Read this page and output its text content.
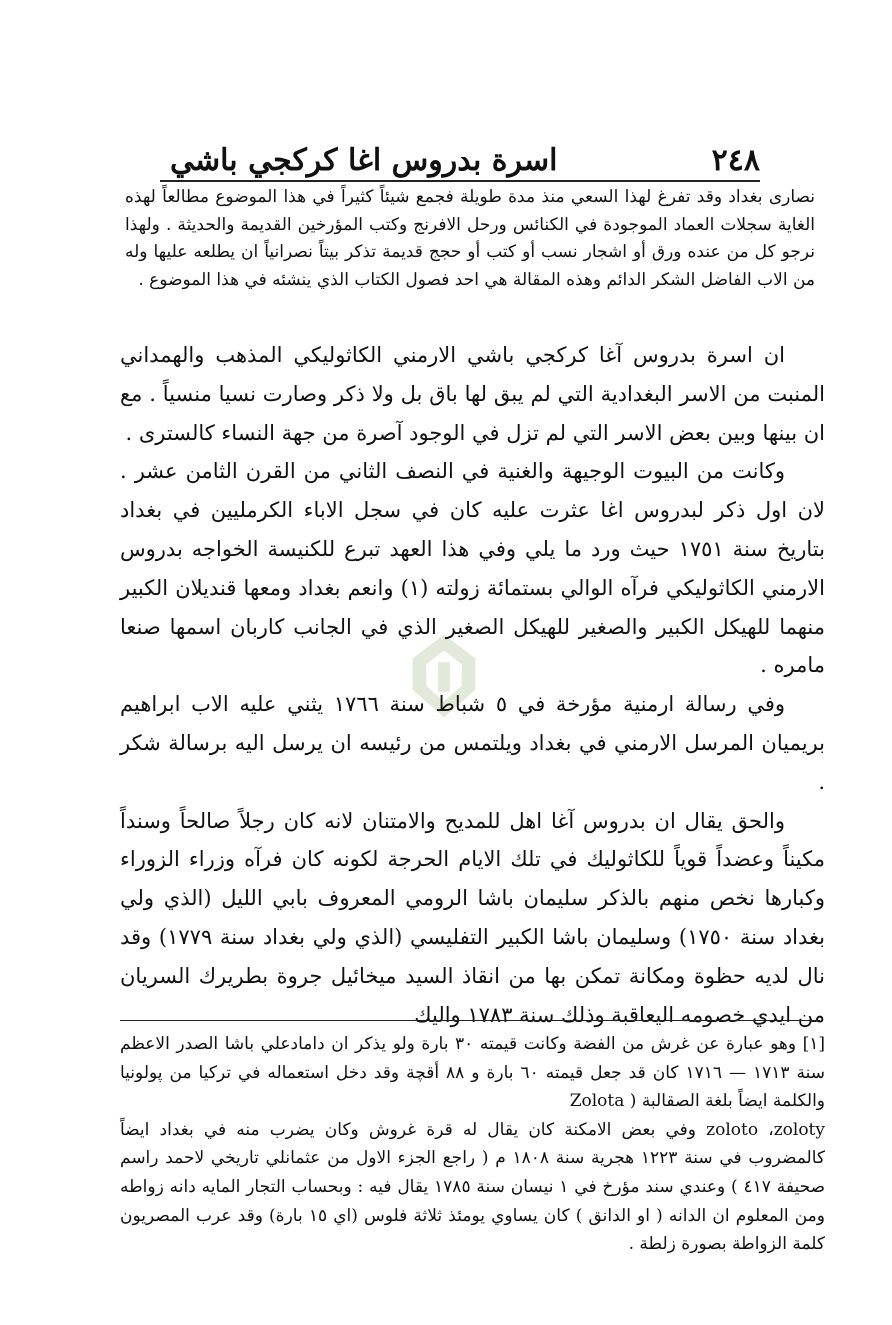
٢٤٨
اسرة بدروس اغا كركجي باشي
نصارى بغداد وقد تفرغ لهذا السعي منذ مدة طويلة فجمع شيئاً كثيراً في هذا الموضوع مطالعاً لهذه الغاية سجلات العماد الموجودة في الكنائس ورحل الافرنج وكتب المؤرخين القديمة والحديثة . ولهذا نرجو كل من عنده ورق أو اشجار نسب أو كتب أو حجج قديمة تذكر بيتاً نصرانياً ان يطلعه عليها وله من الاب الفاضل الشكر الدائم وهذه المقالة هي احد فصول الكتاب الذي ينشئه في هذا الموضوع .

ان اسرة بدروس آغا كركجي باشي الارمني الكاثوليكي المذهب والهمداني المنبت من الاسر البغدادية التي لم يبق لها باق بل ولا ذكر وصارت نسيا منسياً . مع ان بينها وبين بعض الاسر التي لم تزل في الوجود آصرة من جهة النساء كالسترى .

وكانت من البيوت الوجيهة والغنية في النصف الثاني من القرن الثامن عشر . لان اول ذكر لبدروس اغا عثرت عليه كان في سجل الاباء الكرمليين في بغداد بتاريخ سنة ١٧٥١ حيث ورد ما يلي وفي هذا العهد تبرع للكنيسة الخواجه بدروس الارمني الكاثوليكي فرآه الوالي بستمائة زولته (١) وانعم بغداد ومعها قنديلان الكبير منهما للهيكل الكبير والصغير للهيكل الصغير الذي في الجانب كاربان اسمها صنعا مامره .

وفي رسالة ارمنية مؤرخة في ٥ شباط سنة ١٧٦٦ يثني عليه الاب ابراهيم بريميان المرسل الارمني في بغداد ويلتمس من رئيسه ان يرسل اليه برسالة شكر .

والحق يقال ان بدروس آغا اهل للمديح والامتنان لانه كان رجلاً صالحاً وسنداً مكيناً وعضداً قوياً للكاثوليك في تلك الايام الحرجة لكونه كان فرآه وزراء الزوراء وكبارها نخص منهم بالذكر سليمان باشا الرومي المعروف بابي الليل (الذي ولي بغداد سنة ١٧٥٠) وسليمان باشا الكبير التفليسي (الذي ولي بغداد سنة ١٧٧٩) وقد نال لديه حظوة ومكانة تمكن بها من انقاذ السيد ميخائيل جروة بطريرك السريان من ايدي خصومه اليعاقبة وذلك سنة ١٧٨٣ واليك

[١] وهو عبارة عن غرش من الفضة وكانت قيمته ٣٠ بارة ولو يذكر ان دامادعلي باشا الصدر الاعظم سنة ١٧١٣ — ١٧١٦ كان قد جعل قيمته ٦٠ بارة و ٨٨ أقچة وقد دخل استعماله في تركيا من پولونيا والكلمة ايضاً بلغة الصقالبة ( Zolota

zoloto ،zoloty وفي بعض الامكنة كان يقال له قرة غروش وكان يضرب منه في بغداد ايضاً كالمضروب في سنة ١٢٢٣ هجرية سنة ١٨٠٨ م ( راجع الجزء الاول من عثمانلي تاريخي لاحمد راسم صحيفة ٤١٧ ) وعندي سند مؤرخ في ١ نيسان سنة ١٧٨٥ يقال فيه : وبحساب التجار المايه دانه زواطه ومن المعلوم ان الدانه ( او الدانق ) كان يساوي يومئذ ثلاثة فلوس (اي ١٥ بارة) وقد عرب المصريون كلمة الزواطة بصورة زلطة .
